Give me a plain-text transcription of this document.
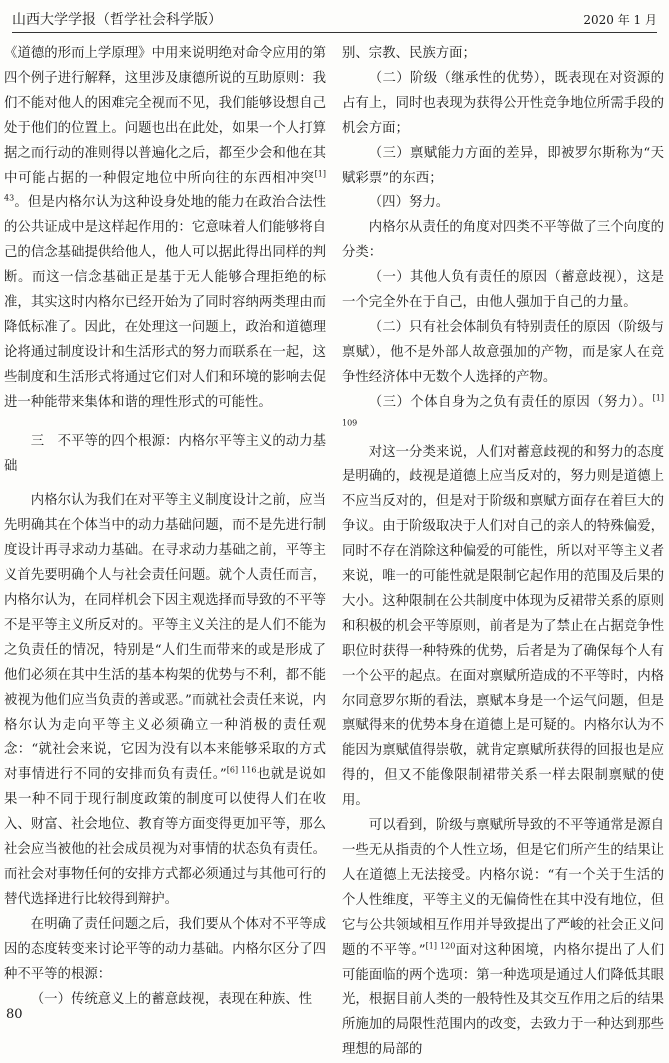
山西大学学报（哲学社会科学版）	2020 年 1 月

《道德的形而上学原理》中用来说明绝对命令应用的第四个例子进行解释，这里涉及康德所说的互助原则：我们不能对他人的困难完全视而不见，我们能够设想自己处于他们的位置上。问题也出在此处，如果一个人打算据之而行动的准则得以普遍化之后，都至少会和他在其中可能占据的一种假定地位中所向往的东西相冲突$^{[1] 43}$。但是内格尔认为这种设身处地的能力在政治合法性的公共证成中是这样起作用的：它意味着人们能够将自己的信念基础提供给他人，他人可以据此得出同样的判断。而这一信念基础正是基于无人能够合理拒绝的标准，其实这时内格尔已经开始为了同时容纳两类理由而降低标准了。因此，在处理这一问题上，政治和道德理论将通过制度设计和生活形式的努力而联系在一起，这些制度和生活形式将通过它们对人们和环境的影响去促进一种能带来集体和谐的理性形式的可能性。

三　不平等的四个根源：内格尔平等主义的动力基础

内格尔认为我们在对平等主义制度设计之前，应当先明确其在个体当中的动力基础问题，而不是先进行制度设计再寻求动力基础。在寻求动力基础之前，平等主义首先要明确个人与社会责任问题。就个人责任而言，内格尔认为，在同样机会下因主观选择而导致的不平等不是平等主义所反对的。平等主义关注的是人们不能为之负责任的情况，特别是“人们生而带来的或是形成了他们必须在其中生活的基本构架的优势与不利，都不能被视为他们应当负责的善或恶。”而就社会责任来说，内格尔认为走向平等主义必须确立一种消极的责任观念：“就社会来说，它因为没有以本来能够采取的方式对事情进行不同的安排而负有责任。”$^{[6] 116}$也就是说如果一种不同于现行制度政策的制度可以使得人们在收入、财富、社会地位、教育等方面变得更加平等，那么社会应当被他的社会成员视为对事情的状态负有责任。而社会对事物任何的安排方式都必须通过与其他可行的替代选择进行比较得到辩护。

在明确了责任问题之后，我们要从个体对不平等成因的态度转变来讨论平等的动力基础。内格尔区分了四种不平等的根源：

（一）传统意义上的蓄意歧视，表现在种族、性

别、宗教、民族方面；

（二）阶级（继承性的优势），既表现在对资源的占有上，同时也表现为获得公开性竞争地位所需手段的机会方面；

（三）禀赋能力方面的差异，即被罗尔斯称为“天赋彩票”的东西；

（四）努力。

内格尔从责任的角度对四类不平等做了三个向度的分类：

（一）其他人负有责任的原因（蓄意歧视），这是一个完全外在于自己，由他人强加于自己的力量。

（二）只有社会体制负有特别责任的原因（阶级与禀赋），他不是外部人故意强加的产物，而是家人在竞争性经济体中无数个人选择的产物。

（三）个体自身为之负有责任的原因（努力）。$^{[1] 109}$

对这一分类来说，人们对蓄意歧视的和努力的态度是明确的，歧视是道德上应当反对的，努力则是道德上不应当反对的，但是对于阶级和禀赋方面存在着巨大的争议。由于阶级取决于人们对自己的亲人的特殊偏爱，同时不存在消除这种偏爱的可能性，所以对平等主义者来说，唯一的可能性就是限制它起作用的范围及后果的大小。这种限制在公共制度中体现为反裙带关系的原则和积极的机会平等原则，前者是为了禁止在占据竞争性职位时获得一种特殊的优势，后者是为了确保每个人有一个公平的起点。在面对禀赋所造成的不平等时，内格尔同意罗尔斯的看法，禀赋本身是一个运气问题，但是禀赋得来的优势本身在道德上是可疑的。内格尔认为不能因为禀赋值得崇敬，就肯定禀赋所获得的回报也是应得的，但又不能像限制裙带关系一样去限制禀赋的使用。

可以看到，阶级与禀赋所导致的不平等通常是源自一些无从指责的个人性立场，但是它们所产生的结果让人在道德上无法接受。内格尔说：“有一个关于生活的个人性维度，平等主义的无偏倚性在其中没有地位，但它与公共领域相互作用并导致提出了严峻的社会正义问题的不平等。”$^{[1] 120}$面对这种困境，内格尔提出了人们可能面临的两个选项：第一种选项是通过人们降低其眼光，根据目前人类的一般特性及其交互作用之后的结果所施加的局限性范围内的改变，去致力于一种达到那些理想的局部的

80
